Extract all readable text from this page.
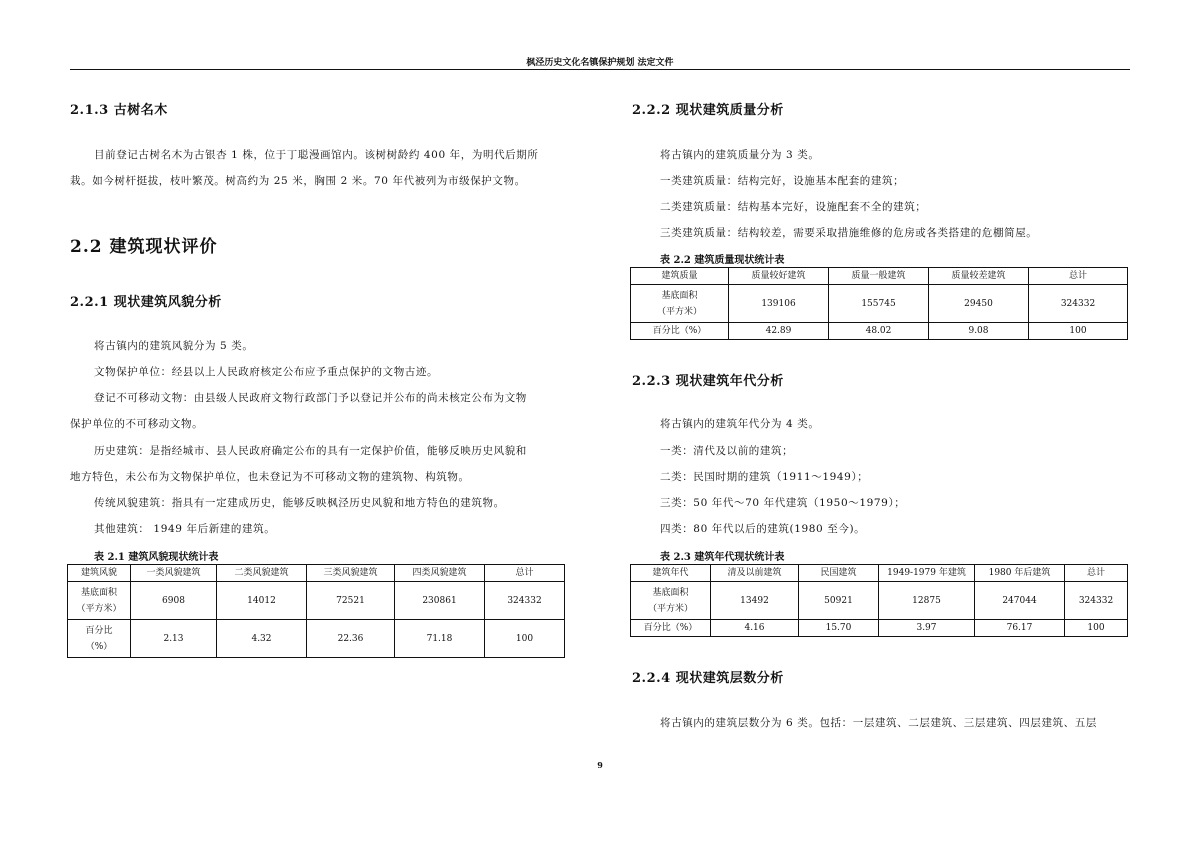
枫泾历史文化名镇保护规划 法定文件
2.1.3 古树名木
目前登记古树名木为古银杏 1 株，位于丁聪漫画馆内。该树树龄约 400 年，为明代后期所
栽。如今树杆挺拔，枝叶繁茂。树高约为 25 米，胸围 2 米。70 年代被列为市级保护文物。
2.2 建筑现状评价
2.2.1 现状建筑风貌分析
将古镇内的建筑风貌分为 5 类。
文物保护单位：经县以上人民政府核定公布应予重点保护的文物古迹。
登记不可移动文物：由县级人民政府文物行政部门予以登记并公布的尚未核定公布为文物
保护单位的不可移动文物。
历史建筑：是指经城市、县人民政府确定公布的具有一定保护价值，能够反映历史风貌和
地方特色，未公布为文物保护单位，也未登记为不可移动文物的建筑物、构筑物。
传统风貌建筑：指具有一定建成历史，能够反映枫泾历史风貌和地方特色的建筑物。
其他建筑： 1949 年后新建的建筑。
表 2.1 建筑风貌现状统计表
建筑风貌	一类风貌建筑	二类风貌建筑	三类风貌建筑	四类风貌建筑	总计
基底面积
（平方米）	6908	14012	72521	230861	324332
百分比
（%）	2.13	4.32	22.36	71.18	100
2.2.2 现状建筑质量分析
将古镇内的建筑质量分为 3 类。
一类建筑质量：结构完好，设施基本配套的建筑；
二类建筑质量：结构基本完好，设施配套不全的建筑；
三类建筑质量：结构较差，需要采取措施维修的危房或各类搭建的危棚简屋。
表 2.2 建筑质量现状统计表
建筑质量	质量较好建筑	质量一般建筑	质量较差建筑	总计
基底面积
（平方米）	139106	155745	29450	324332
百分比（%）	42.89	48.02	9.08	100
2.2.3 现状建筑年代分析
将古镇内的建筑年代分为 4 类。
一类：清代及以前的建筑；
二类：民国时期的建筑（1911～1949）；
三类：50 年代～70 年代建筑（1950～1979）；
四类：80 年代以后的建筑(1980 至今)。
表 2.3 建筑年代现状统计表
建筑年代	清及以前建筑	民国建筑	1949-1979 年建筑	1980 年后建筑	总计
基底面积
（平方米）	13492	50921	12875	247044	324332
百分比（%）	4.16	15.70	3.97	76.17	100
2.2.4 现状建筑层数分析
将古镇内的建筑层数分为 6 类。包括：一层建筑、二层建筑、三层建筑、四层建筑、五层
9
